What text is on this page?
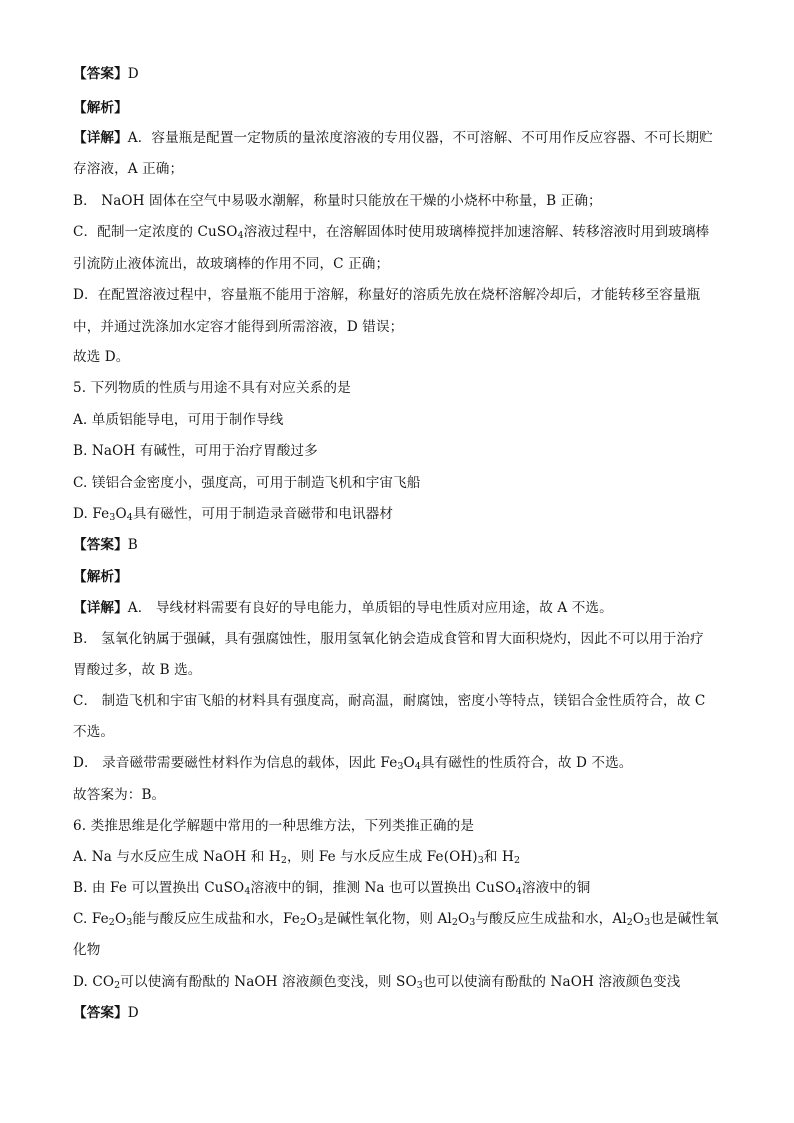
【答案】D
【解析】
【详解】A．容量瓶是配置一定物质的量浓度溶液的专用仪器，不可溶解、不可用作反应容器、不可长期贮
存溶液，A 正确；
B． NaOH 固体在空气中易吸水潮解，称量时只能放在干燥的小烧杯中称量，B 正确；
C．配制一定浓度的 CuSO$_4$溶液过程中，在溶解固体时使用玻璃棒搅拌加速溶解、转移溶液时用到玻璃棒
引流防止液体流出，故玻璃棒的作用不同，C 正确；
D．在配置溶液过程中，容量瓶不能用于溶解，称量好的溶质先放在烧杯溶解冷却后，才能转移至容量瓶
中，并通过洗涤加水定容才能得到所需溶液，D 错误；
故选 D。
5. 下列物质的性质与用途不具有对应关系的是
A. 单质铝能导电，可用于制作导线
B. NaOH 有碱性，可用于治疗胃酸过多
C. 镁铝合金密度小，强度高，可用于制造飞机和宇宙飞船
D. $Fe_3O_4$具有磁性，可用于制造录音磁带和电讯器材
【答案】B
【解析】
【详解】A． 导线材料需要有良好的导电能力，单质铝的导电性质对应用途，故 A 不选。
B． 氢氧化钠属于强碱，具有强腐蚀性，服用氢氧化钠会造成食管和胃大面积烧灼，因此不可以用于治疗
胃酸过多，故 B 选。
C． 制造飞机和宇宙飞船的材料具有强度高，耐高温，耐腐蚀，密度小等特点，镁铝合金性质符合，故 C
不选。
D． 录音磁带需要磁性材料作为信息的载体，因此 $Fe_3O_4$具有磁性的性质符合，故 D 不选。
故答案为：B。
6. 类推思维是化学解题中常用的一种思维方法，下列类推正确的是
A. Na 与水反应生成 NaOH 和 $H_2$，则 Fe 与水反应生成 $Fe(OH)_3$和 $H_2$
B. 由 Fe 可以置换出 CuSO$_4$溶液中的铜，推测 Na 也可以置换出 CuSO$_4$溶液中的铜
C. $Fe_2O_3$能与酸反应生成盐和水，$Fe_2O_3$是碱性氧化物，则 $Al_2O_3$与酸反应生成盐和水，$Al_2O_3$也是碱性氧
化物
D. $CO_2$可以使滴有酚酞的 NaOH 溶液颜色变浅，则 $SO_3$也可以使滴有酚酞的 NaOH 溶液颜色变浅
【答案】D
